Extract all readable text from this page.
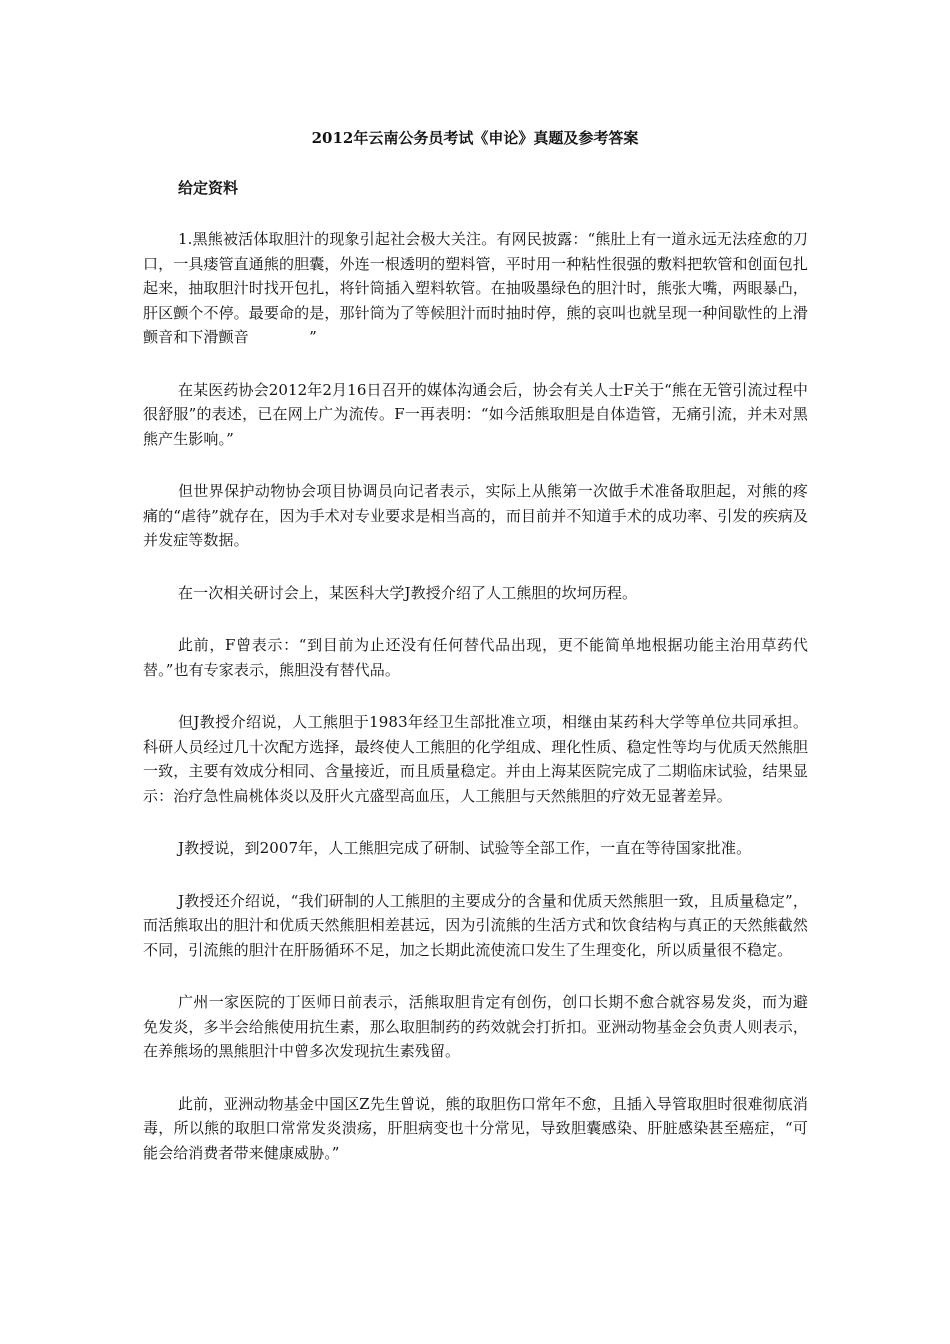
2012年云南公务员考试《申论》真题及参考答案
给定资料

1.黑熊被活体取胆汁的现象引起社会极大关注。有网民披露：“熊肚上有一道永远无法痊愈的刀口，一具瘘管直通熊的胆囊，外连一根透明的塑料管，平时用一种粘性很强的敷料把软管和创面包扎起来，抽取胆汁时找开包扎，将针筒插入塑料软管。在抽吸墨绿色的胆汁时，熊张大嘴，两眼暴凸，肝区颤个不停。最要命的是，那针筒为了等候胆汁而时抽时停，熊的哀叫也就呈现一种间歇性的上滑颤音和下滑颤音　　　　”

在某医药协会2012年2月16日召开的媒体沟通会后，协会有关人士F关于“熊在无管引流过程中很舒服”的表述，已在网上广为流传。F一再表明：“如今活熊取胆是自体造管，无痛引流，并未对黑熊产生影响。”

但世界保护动物协会项目协调员向记者表示，实际上从熊第一次做手术准备取胆起，对熊的疼痛的“虐待”就存在，因为手术对专业要求是相当高的，而目前并不知道手术的成功率、引发的疾病及并发症等数据。

在一次相关研讨会上，某医科大学J教授介绍了人工熊胆的坎坷历程。

此前，F曾表示：“到目前为止还没有任何替代品出现，更不能简单地根据功能主治用草药代替。”也有专家表示，熊胆没有替代品。

但J教授介绍说，人工熊胆于1983年经卫生部批准立项，相继由某药科大学等单位共同承担。科研人员经过几十次配方选择，最终使人工熊胆的化学组成、理化性质、稳定性等均与优质天然熊胆一致，主要有效成分相同、含量接近，而且质量稳定。并由上海某医院完成了二期临床试验，结果显示：治疗急性扁桃体炎以及肝火亢盛型高血压，人工熊胆与天然熊胆的疗效无显著差异。

J教授说，到2007年，人工熊胆完成了研制、试验等全部工作，一直在等待国家批准。

J教授还介绍说，“我们研制的人工熊胆的主要成分的含量和优质天然熊胆一致，且质量稳定”，而活熊取出的胆汁和优质天然熊胆相差甚远，因为引流熊的生活方式和饮食结构与真正的天然熊截然不同，引流熊的胆汁在肝肠循环不足，加之长期此流使流口发生了生理变化，所以质量很不稳定。

广州一家医院的丁医师日前表示，活熊取胆肯定有创伤，创口长期不愈合就容易发炎，而为避免发炎，多半会给熊使用抗生素，那么取胆制药的药效就会打折扣。亚洲动物基金会负责人则表示，在养熊场的黑熊胆汁中曾多次发现抗生素残留。

此前，亚洲动物基金中国区Z先生曾说，熊的取胆伤口常年不愈，且插入导管取胆时很难彻底消毒，所以熊的取胆口常常发炎溃疡，肝胆病变也十分常见，导致胆囊感染、肝脏感染甚至癌症，“可能会给消费者带来健康威胁。”
